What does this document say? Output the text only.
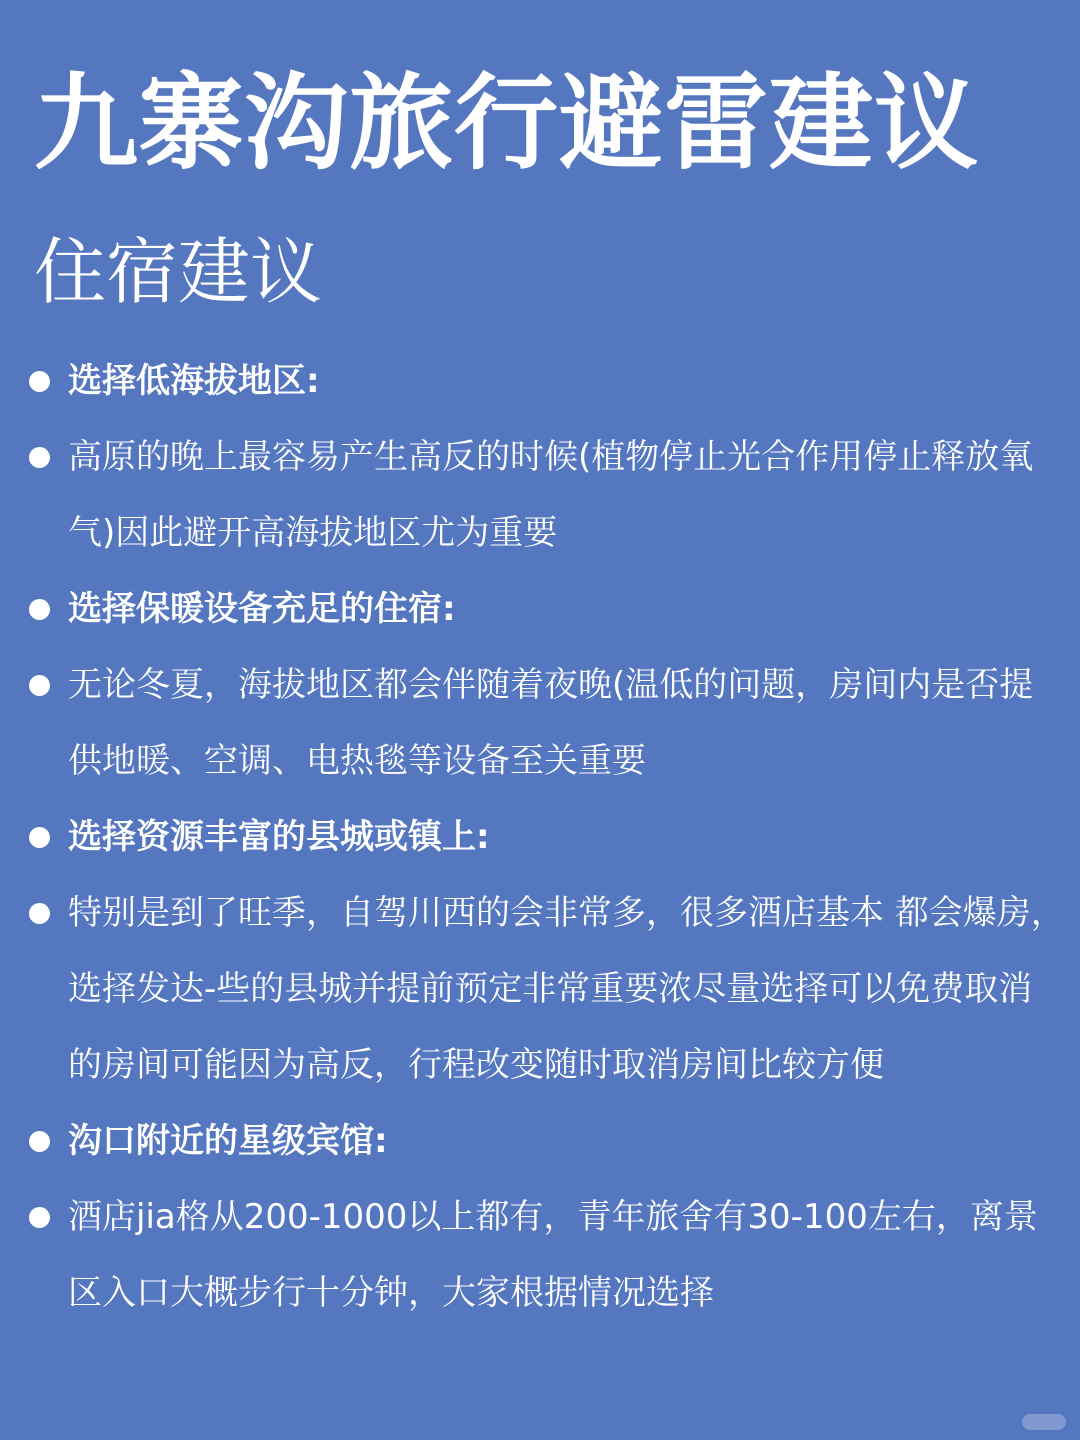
九寨沟旅行避雷建议
住宿建议
选择低海拔地区:
高原的晚上最容易产生高反的时候(植物停止光合作用停止释放氧气)因此避开高海拔地区尤为重要
选择保暖设备充足的住宿:
无论冬夏，海拔地区都会伴随着夜晚(温低的问题，房间内是否提供地暖、空调、电热毯等设备至关重要
选择资源丰富的县城或镇上:
特别是到了旺季，自驾川西的会非常多，很多酒店基本 都会爆房，选择发达-些的县城并提前预定非常重要浓尽量选择可以免费取消的房间可能因为高反，行程改变随时取消房间比较方便
沟口附近的星级宾馆:
酒店jia格从200-1000以上都有，青年旅舍有30-100左右，离景区入口大概步行十分钟，大家根据情况选择
